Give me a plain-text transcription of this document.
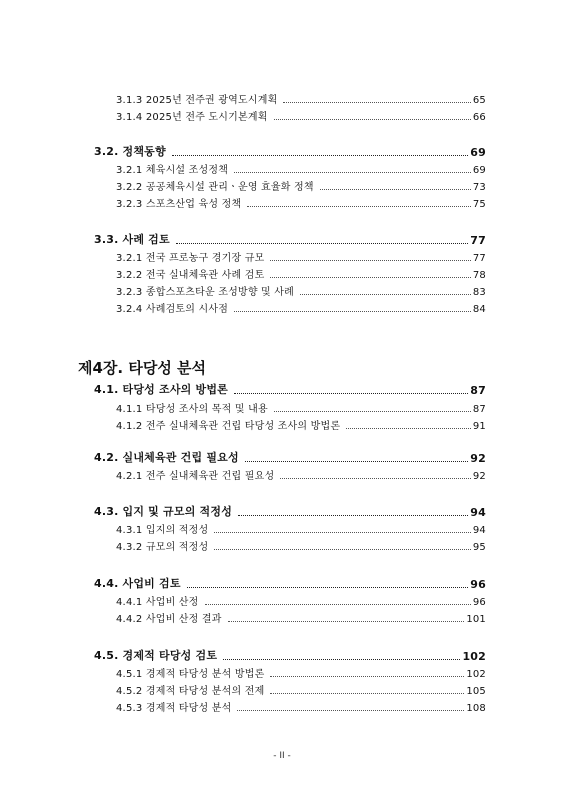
3.1.3 2025년 전주권 광역도시계획	65
3.1.4 2025년 전주 도시기본계획	66
3.2. 정책동향	69
3.2.1 체육시설 조성정책	69
3.2.2 공공체육시설 관리ㆍ운영 효율화 정책	73
3.2.3 스포츠산업 육성 정책	75
3.3. 사례 검토	77
3.2.1 전국 프로농구 경기장 규모	77
3.2.2 전국 실내체육관 사례 검토	78
3.2.3 종합스포츠타운 조성방향 및 사례	83
3.2.4 사례검토의 시사점	84
제4장. 타당성 분석
4.1. 타당성 조사의 방법론	87
4.1.1 타당성 조사의 목적 및 내용	87
4.1.2 전주 실내체육관 건립 타당성 조사의 방법론	91
4.2. 실내체육관 건립 필요성	92
4.2.1 전주 실내체육관 건립 필요성	92
4.3. 입지 및 규모의 적정성	94
4.3.1 입지의 적정성	94
4.3.2 규모의 적정성	95
4.4. 사업비 검토	96
4.4.1 사업비 산정	96
4.4.2 사업비 산정 결과	101
4.5. 경제적 타당성 검토	102
4.5.1 경제적 타당성 분석 방법론	102
4.5.2 경제적 타당성 분석의 전제	105
4.5.3 경제적 타당성 분석	108
- II -
